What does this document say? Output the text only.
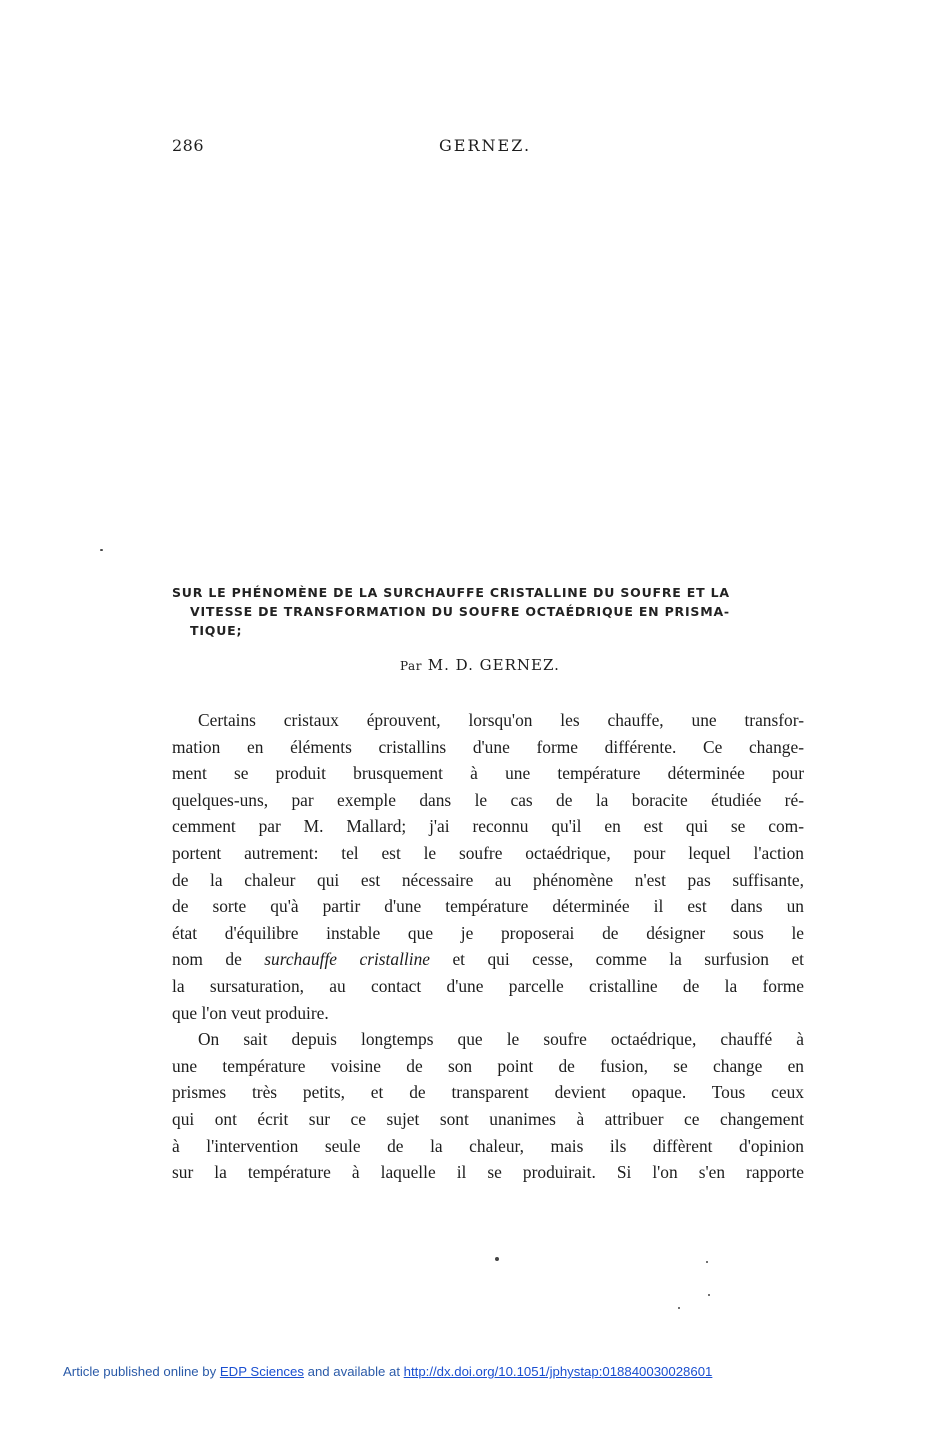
286	GERNEZ.
SUR LE PHÉNOMÈNE DE LA SURCHAUFFE CRISTALLINE DU SOUFRE ET LA
VITESSE DE TRANSFORMATION DU SOUFRE OCTAÉDRIQUE EN PRISMA-
TIQUE;
Par M. D. GERNEZ.
Certains cristaux éprouvent, lorsqu'on les chauffe, une transfor-
mation en éléments cristallins d'une forme différente. Ce change-
ment se produit brusquement à une température déterminée pour
quelques-uns, par exemple dans le cas de la boracite étudiée ré-
cemment par M. Mallard; j'ai reconnu qu'il en est qui se com-
portent autrement: tel est le soufre octaédrique, pour lequel l'action
de la chaleur qui est nécessaire au phénomène n'est pas suffisante,
de sorte qu'à partir d'une température déterminée il est dans un
état d'équilibre instable que je proposerai de désigner sous le
nom de surchauffe cristalline et qui cesse, comme la surfusion et
la sursaturation, au contact d'une parcelle cristalline de la forme
que l'on veut produire.
On sait depuis longtemps que le soufre octaédrique, chauffé à
une température voisine de son point de fusion, se change en
prismes très petits, et de transparent devient opaque. Tous ceux
qui ont écrit sur ce sujet sont unanimes à attribuer ce changement
à l'intervention seule de la chaleur, mais ils diffèrent d'opinion
sur la température à laquelle il se produirait. Si l'on s'en rapporte
Article published online by EDP Sciences and available at http://dx.doi.org/10.1051/jphystap:018840030028601
